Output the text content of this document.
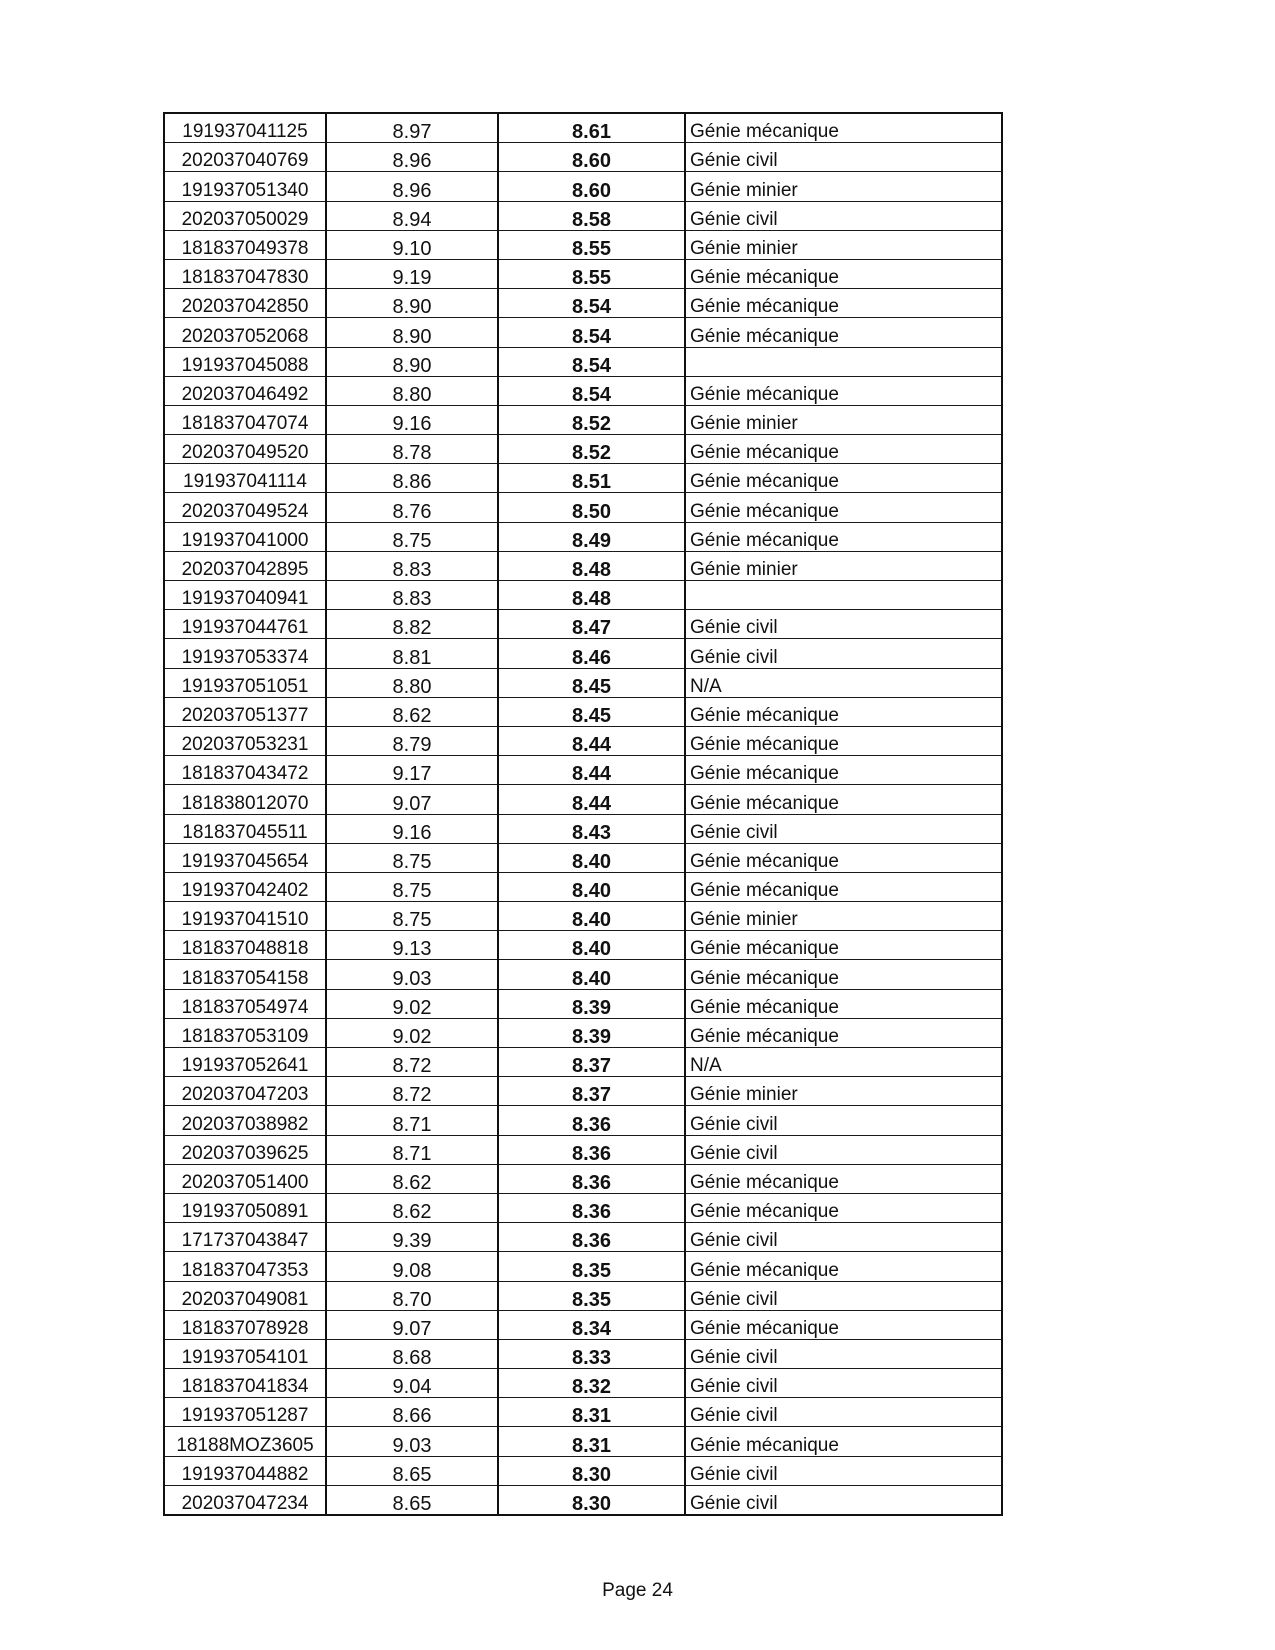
191937041125	8.97	8.61	Génie mécanique
202037040769	8.96	8.60	Génie civil
191937051340	8.96	8.60	Génie minier
202037050029	8.94	8.58	Génie civil
181837049378	9.10	8.55	Génie minier
181837047830	9.19	8.55	Génie mécanique
202037042850	8.90	8.54	Génie mécanique
202037052068	8.90	8.54	Génie mécanique
191937045088	8.90	8.54	
202037046492	8.80	8.54	Génie mécanique
181837047074	9.16	8.52	Génie minier
202037049520	8.78	8.52	Génie mécanique
191937041114	8.86	8.51	Génie mécanique
202037049524	8.76	8.50	Génie mécanique
191937041000	8.75	8.49	Génie mécanique
202037042895	8.83	8.48	Génie minier
191937040941	8.83	8.48	
191937044761	8.82	8.47	Génie civil
191937053374	8.81	8.46	Génie civil
191937051051	8.80	8.45	N/A
202037051377	8.62	8.45	Génie mécanique
202037053231	8.79	8.44	Génie mécanique
181837043472	9.17	8.44	Génie mécanique
181838012070	9.07	8.44	Génie mécanique
181837045511	9.16	8.43	Génie civil
191937045654	8.75	8.40	Génie mécanique
191937042402	8.75	8.40	Génie mécanique
191937041510	8.75	8.40	Génie minier
181837048818	9.13	8.40	Génie mécanique
181837054158	9.03	8.40	Génie mécanique
181837054974	9.02	8.39	Génie mécanique
181837053109	9.02	8.39	Génie mécanique
191937052641	8.72	8.37	N/A
202037047203	8.72	8.37	Génie minier
202037038982	8.71	8.36	Génie civil
202037039625	8.71	8.36	Génie civil
202037051400	8.62	8.36	Génie mécanique
191937050891	8.62	8.36	Génie mécanique
171737043847	9.39	8.36	Génie civil
181837047353	9.08	8.35	Génie mécanique
202037049081	8.70	8.35	Génie civil
181837078928	9.07	8.34	Génie mécanique
191937054101	8.68	8.33	Génie civil
181837041834	9.04	8.32	Génie civil
191937051287	8.66	8.31	Génie civil
18188MOZ3605	9.03	8.31	Génie mécanique
191937044882	8.65	8.30	Génie civil
202037047234	8.65	8.30	Génie civil
Page 24
